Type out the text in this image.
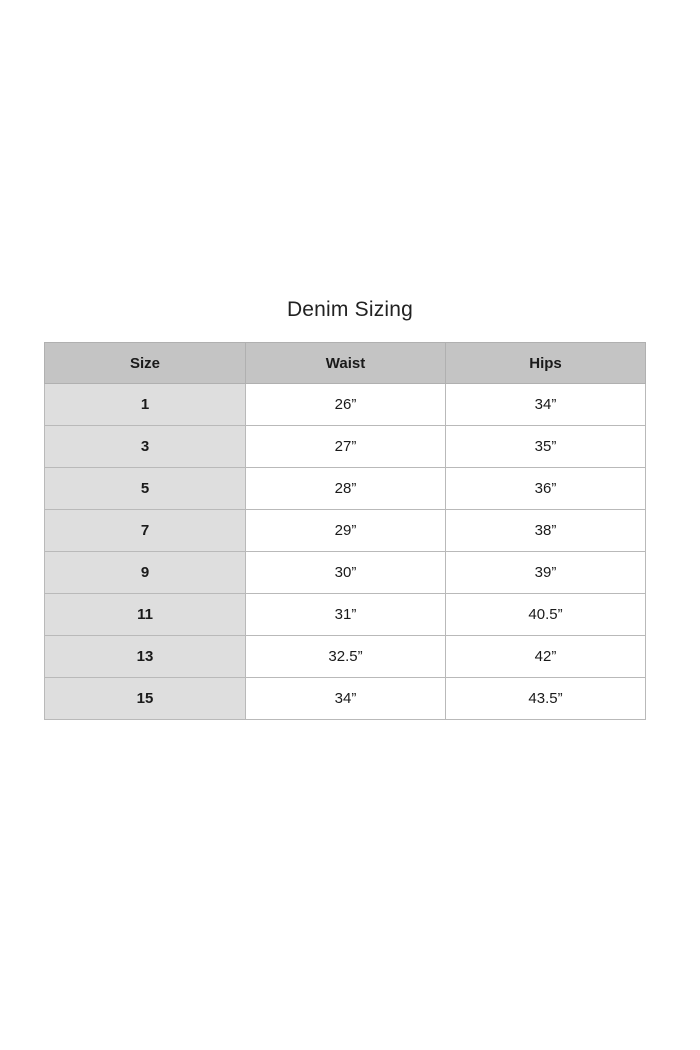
Denim Sizing
Size	Waist	Hips
1	26”	34”
3	27”	35”
5	28”	36”
7	29”	38”
9	30”	39”
11	31”	40.5”
13	32.5”	42”
15	34”	43.5”
